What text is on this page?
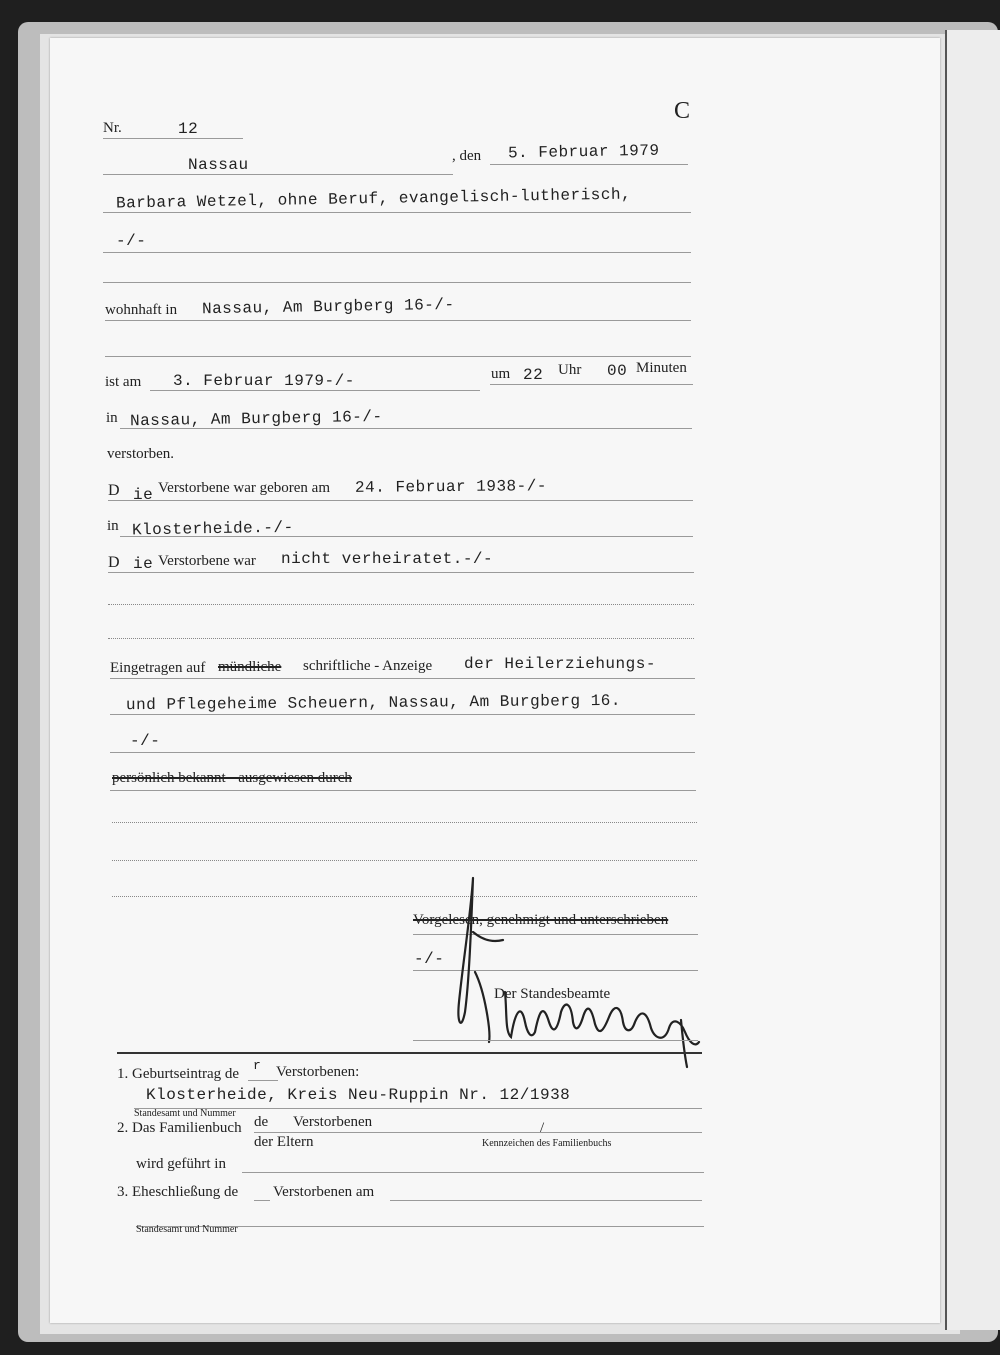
Nr.	12
C
Nassau	, den 5. Februar 1979
Barbara Wetzel, ohne Beruf, evangelisch-lutherisch,
-/-
wohnhaft in Nassau, Am Burgberg 16-/-
ist am 3. Februar 1979-/-	um 22 Uhr 00 Minuten
in Nassau, Am Burgberg 16-/-
verstorben.
D ie Verstorbene war geboren am 24. Februar 1938-/-
in Klosterheide.-/-
D ie Verstorbene war nicht verheiratet.-/-
Eingetragen auf mündliche schriftliche - Anzeige der Heilerziehungs-
und Pflegeheime Scheuern, Nassau, Am Burgberg 16.
-/-
persönlich bekannt - ausgewiesen durch
Vorgelesen, genehmigt und unterschrieben
-/-
Der Standesbeamte
1. Geburtseintrag de
r Verstorbenen:
Klosterheide, Kreis Neu-Ruppin Nr. 12/1938
Standesamt und Nummer
2. Das Familienbuch de Verstorbenen	/
der Eltern	Kennzeichen des Familienbuchs
wird geführt in
3. Eheschließung de Verstorbenen am
Standesamt und Nummer
